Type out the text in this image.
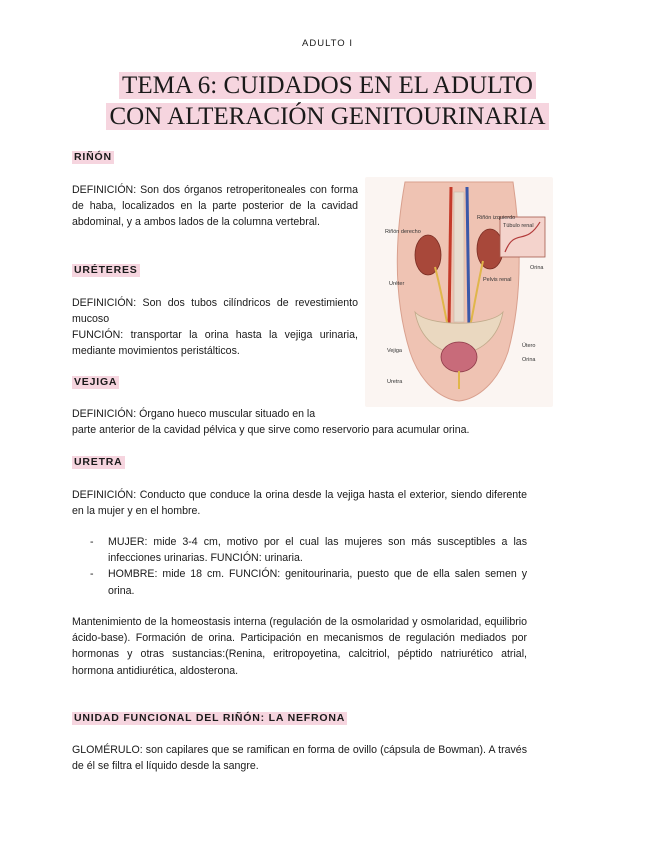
ADULTO I
TEMA 6: CUIDADOS EN EL ADULTO
CON ALTERACIÓN GENITOURINARIA
RIÑÓN
DEFINICIÓN: Son dos órganos retroperitoneales con forma de haba, localizados en la parte posterior de la cavidad abdominal, y a ambos lados de la columna vertebral.
URÉTERES
DEFINICIÓN: Son dos tubos cilíndricos de revestimiento mucoso
FUNCIÓN: transportar la orina hasta la vejiga urinaria, mediante movimientos peristálticos.
VEJIGA
DEFINICIÓN: Órgano hueco muscular situado en la
parte anterior de la cavidad pélvica y que sirve como reservorio para acumular orina.
URETRA
DEFINICIÓN: Conducto que conduce la orina desde la vejiga hasta el exterior, siendo diferente en la mujer y en el hombre.
- MUJER: mide 3-4 cm, motivo por el cual las mujeres son más susceptibles a las infecciones urinarias. FUNCIÓN: urinaria.
- HOMBRE: mide 18 cm. FUNCIÓN: genitourinaria, puesto que de ella salen semen y orina.
Mantenimiento de la homeostasis interna (regulación de la osmolaridad y osmolaridad, equilibrio ácido-base). Formación de orina. Participación en mecanismos de regulación mediados por hormonas y otras sustancias:(Renina, eritropoyetina, calcitriol, péptido natriurético atrial, hormona antidiurética, aldosterona.
UNIDAD FUNCIONAL DEL RIÑÓN: LA NEFRONA
GLOMÉRULO: son capilares que se ramifican en forma de ovillo (cápsula de Bowman). A través de él se filtra el líquido desde la sangre.
Riñón derecho
Riñón izquierdo
Túbulo renal
Orina
Uréter
Pelvis renal
Vejiga
Útero
Orina
Uretra
